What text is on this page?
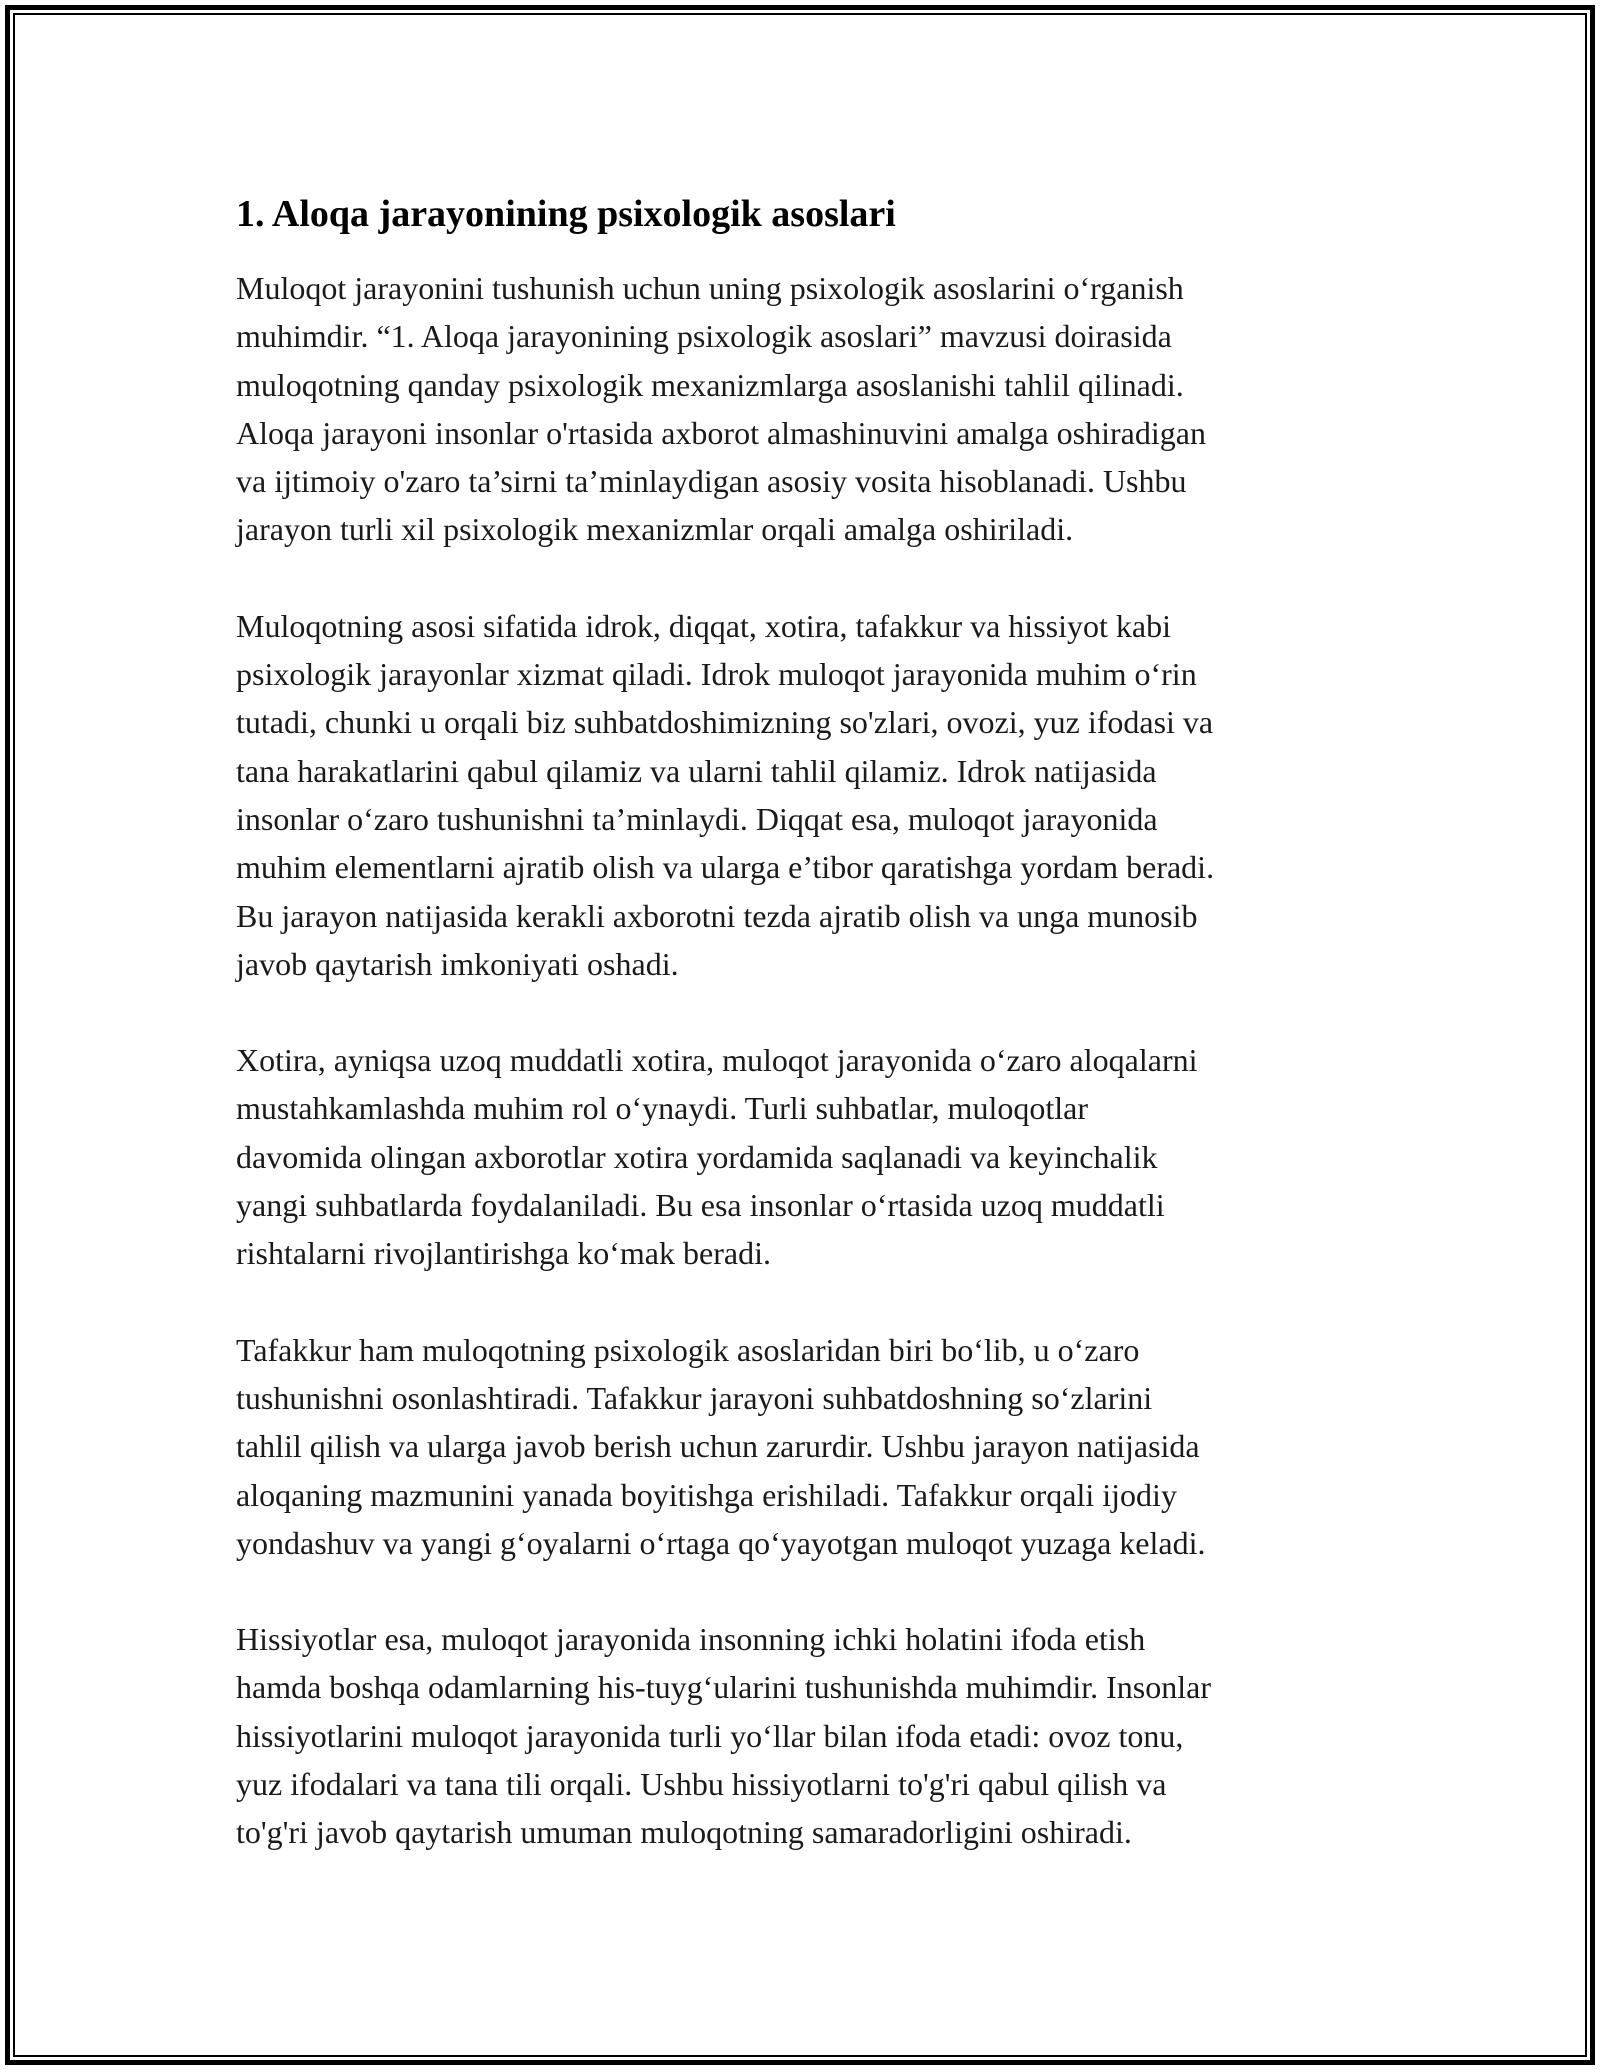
1. Aloqa jarayonining psixologik asoslari

Muloqot jarayonini tushunish uchun uning psixologik asoslarini o‘rganish
muhimdir. “1. Aloqa jarayonining psixologik asoslari” mavzusi doirasida
muloqotning qanday psixologik mexanizmlarga asoslanishi tahlil qilinadi.
Aloqa jarayoni insonlar o'rtasida axborot almashinuvini amalga oshiradigan
va ijtimoiy o'zaro ta’sirni ta’minlaydigan asosiy vosita hisoblanadi. Ushbu
jarayon turli xil psixologik mexanizmlar orqali amalga oshiriladi.

Muloqotning asosi sifatida idrok, diqqat, xotira, tafakkur va hissiyot kabi
psixologik jarayonlar xizmat qiladi. Idrok muloqot jarayonida muhim o‘rin
tutadi, chunki u orqali biz suhbatdoshimizning so'zlari, ovozi, yuz ifodasi va
tana harakatlarini qabul qilamiz va ularni tahlil qilamiz. Idrok natijasida
insonlar o‘zaro tushunishni ta’minlaydi. Diqqat esa, muloqot jarayonida
muhim elementlarni ajratib olish va ularga e’tibor qaratishga yordam beradi.
Bu jarayon natijasida kerakli axborotni tezda ajratib olish va unga munosib
javob qaytarish imkoniyati oshadi.

Xotira, ayniqsa uzoq muddatli xotira, muloqot jarayonida o‘zaro aloqalarni
mustahkamlashda muhim rol o‘ynaydi. Turli suhbatlar, muloqotlar
davomida olingan axborotlar xotira yordamida saqlanadi va keyinchalik
yangi suhbatlarda foydalaniladi. Bu esa insonlar o‘rtasida uzoq muddatli
rishtalarni rivojlantirishga ko‘mak beradi.

Tafakkur ham muloqotning psixologik asoslaridan biri bo‘lib, u o‘zaro
tushunishni osonlashtiradi. Tafakkur jarayoni suhbatdoshning so‘zlarini
tahlil qilish va ularga javob berish uchun zarurdir. Ushbu jarayon natijasida
aloqaning mazmunini yanada boyitishga erishiladi. Tafakkur orqali ijodiy
yondashuv va yangi g‘oyalarni o‘rtaga qo‘yayotgan muloqot yuzaga keladi.

Hissiyotlar esa, muloqot jarayonida insonning ichki holatini ifoda etish
hamda boshqa odamlarning his-tuyg‘ularini tushunishda muhimdir. Insonlar
hissiyotlarini muloqot jarayonida turli yo‘llar bilan ifoda etadi: ovoz tonu,
yuz ifodalari va tana tili orqali. Ushbu hissiyotlarni to'g'ri qabul qilish va
to'g'ri javob qaytarish umuman muloqotning samaradorligini oshiradi.
